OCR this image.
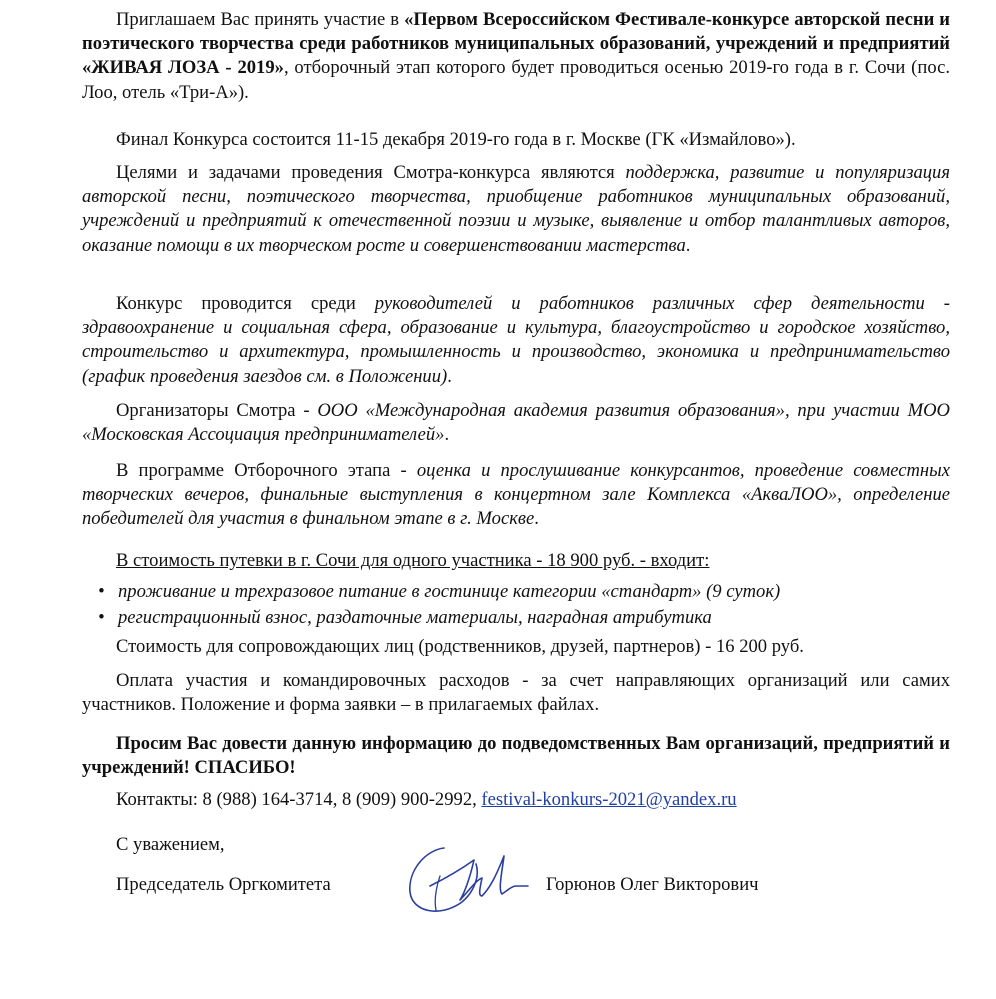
Приглашаем Вас принять участие в «Первом Всероссийском Фестивале-конкурсе авторской песни и поэтического творчества среди работников муниципальных образований, учреждений и предприятий «ЖИВАЯ ЛОЗА - 2019», отборочный этап которого будет проводиться осенью 2019-го года в г. Сочи (пос. Лоо, отель «Три-А»).

Финал Конкурса состоится 11-15 декабря 2019-го года в г. Москве (ГК «Измайлово»).

Целями и задачами проведения Смотра-конкурса являются поддержка, развитие и популяризация авторской песни, поэтического творчества, приобщение работников муниципальных образований, учреждений и предприятий к отечественной поэзии и музыке, выявление и отбор талантливых авторов, оказание помощи в их творческом росте и совершенствовании мастерства.

Конкурс проводится среди руководителей и работников различных сфер деятельности - здравоохранение и социальная сфера, образование и культура, благоустройство и городское хозяйство, строительство и архитектура, промышленность и производство, экономика и предпринимательство (график проведения заездов см. в Положении).

Организаторы Смотра - ООО «Международная академия развития образования», при участии МОО «Московская Ассоциация предпринимателей».

В программе Отборочного этапа - оценка и прослушивание конкурсантов, проведение совместных творческих вечеров, финальные выступления в концертном зале Комплекса «АкваЛОО», определение победителей для участия в финальном этапе в г. Москве.

В стоимость путевки в г. Сочи для одного участника - 18 900 руб. - входит:

• проживание и трехразовое питание в гостинице категории «стандарт» (9 суток)

• регистрационный взнос, раздаточные материалы, наградная атрибутика

Стоимость для сопровождающих лиц (родственников, друзей, партнеров) - 16 200 руб.

Оплата участия и командировочных расходов - за счет направляющих организаций или самих участников. Положение и форма заявки – в прилагаемых файлах.

Просим Вас довести данную информацию до подведомственных Вам организаций, предприятий и учреждений! СПАСИБО!

Контакты: 8 (988) 164-3714, 8 (909) 900-2992, festival-konkurs-2021@yandex.ru

С уважением,

Председатель Оргкомитета	Горюнов Олег Викторович
